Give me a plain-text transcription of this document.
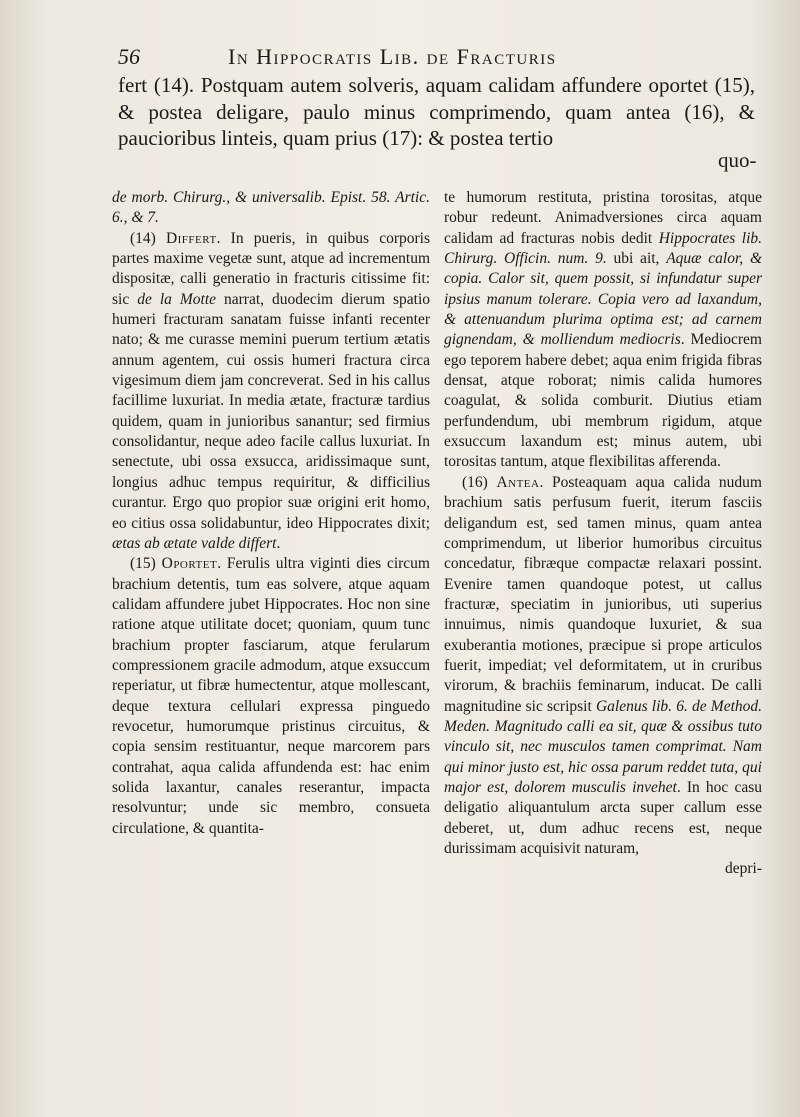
56	In Hippocratis Lib. de Fracturis

fert (14). Postquam autem solveris, aquam calidam affundere oportet (15), & postea deligare, paulo minus comprimendo, quam antea (16), & paucioribus linteis, quam prius (17): & postea tertio

quo-

de morb. Chirurg., & universalib. Epist. 58. Artic. 6., & 7.

(14) Differt. In pueris, in quibus corporis partes maxime vegetæ sunt, atque ad incrementum dispositæ, calli generatio in fracturis citissime fit: sic de la Motte narrat, duodecim dierum spatio humeri fracturam sanatam fuisse infanti recenter nato; & me curasse memini puerum tertium ætatis annum agentem, cui ossis humeri fractura circa vigesimum diem jam concreverat. Sed in his callus facillime luxuriat. In media ætate, fracturæ tardius quidem, quam in junioribus sanantur; sed firmius consolidantur, neque adeo facile callus luxuriat. In senectute, ubi ossa exsucca, aridissimaque sunt, longius adhuc tempus requiritur, & difficilius curantur. Ergo quo propior suæ origini erit homo, eo citius ossa solidabuntur, ideo Hippocrates dixit; ætas ab ætate valde differt.

(15) Oportet. Ferulis ultra viginti dies circum brachium detentis, tum eas solvere, atque aquam calidam affundere jubet Hippocrates. Hoc non sine ratione atque utilitate docet; quoniam, quum tunc brachium propter fasciarum, atque ferularum compressionem gracile admodum, atque exsuccum reperiatur, ut fibræ humectentur, atque mollescant, deque textura cellulari expressa pinguedo revocetur, humorumque pristinus circuitus, & copia sensim restituantur, neque marcorem pars contrahat, aqua calida affundenda est: hac enim solida laxantur, canales reserantur, impacta resolvuntur; unde sic membro, consueta circulatione, & quantita-

te humorum restituta, pristina torositas, atque robur redeunt. Animadversiones circa aquam calidam ad fracturas nobis dedit Hippocrates lib. Chirurg. Officin. num. 9. ubi ait, Aquæ calor, & copia. Calor sit, quem possit, si infundatur super ipsius manum tolerare. Copia vero ad laxandum, & attenuandum plurima optima est; ad carnem gignendam, & molliendum mediocris. Mediocrem ego teporem habere debet; aqua enim frigida fibras densat, atque roborat; nimis calida humores coagulat, & solida comburit. Diutius etiam perfundendum, ubi membrum rigidum, atque exsuccum laxandum est; minus autem, ubi torositas tantum, atque flexibilitas afferenda.

(16) Antea. Posteaquam aqua calida nudum brachium satis perfusum fuerit, iterum fasciis deligandum est, sed tamen minus, quam antea comprimendum, ut liberior humoribus circuitus concedatur, fibræque compactæ relaxari possint. Evenire tamen quandoque potest, ut callus fracturæ, speciatim in junioribus, uti superius innuimus, nimis quandoque luxuriet, & sua exuberantia motiones, præcipue si prope articulos fuerit, impediat; vel deformitatem, ut in cruribus virorum, & brachiis feminarum, inducat. De calli magnitudine sic scripsit Galenus lib. 6. de Method. Meden. Magnitudo calli ea sit, quæ & ossibus tuto vinculo sit, nec musculos tamen comprimat. Nam qui minor justo est, hic ossa parum reddet tuta, qui major est, dolorem musculis invehet. In hoc casu deligatio aliquantulum arcta super callum esse deberet, ut, dum adhuc recens est, neque durissimam acquisivit naturam,
depri-
